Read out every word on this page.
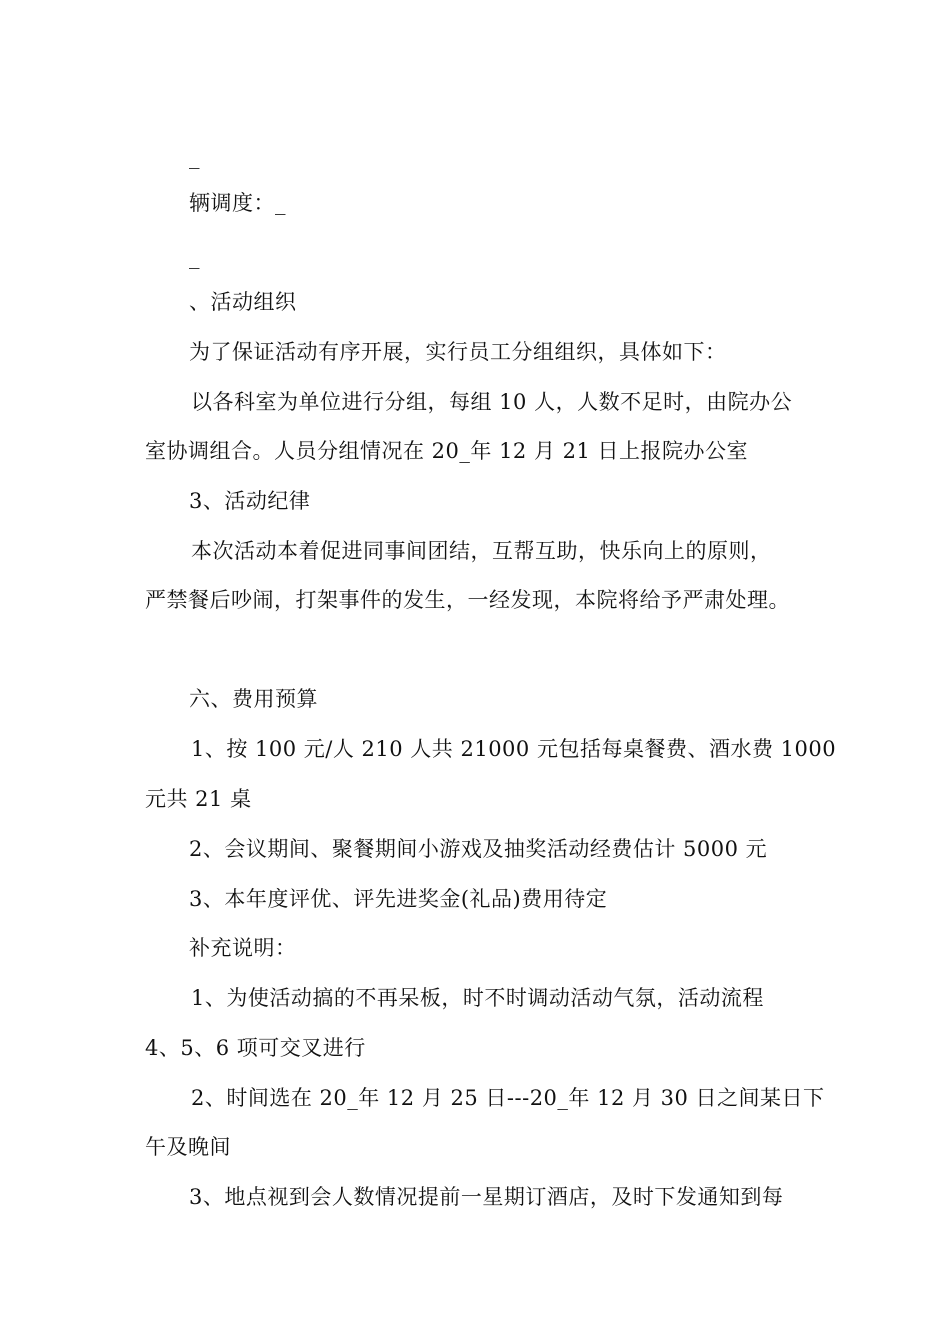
_
辆调度：_
_
、活动组织
为了保证活动有序开展，实行员工分组组织，具体如下：
以各科室为单位进行分组，每组 10 人，人数不足时，由院办公
室协调组合。人员分组情况在 20_年 12 月 21 日上报院办公室
3、活动纪律
本次活动本着促进同事间团结，互帮互助，快乐向上的原则，
严禁餐后吵闹，打架事件的发生，一经发现，本院将给予严肃处理。
六、费用预算
1、按 100 元/人 210 人共 21000 元包括每桌餐费、酒水费 1000
元共 21 桌
2、会议期间、聚餐期间小游戏及抽奖活动经费估计 5000 元
3、本年度评优、评先进奖金(礼品)费用待定
补充说明：
1、为使活动搞的不再呆板，时不时调动活动气氛，活动流程
4、5、6 项可交叉进行
2、时间选在 20_年 12 月 25 日---20_年 12 月 30 日之间某日下
午及晚间
3、地点视到会人数情况提前一星期订酒店，及时下发通知到每
